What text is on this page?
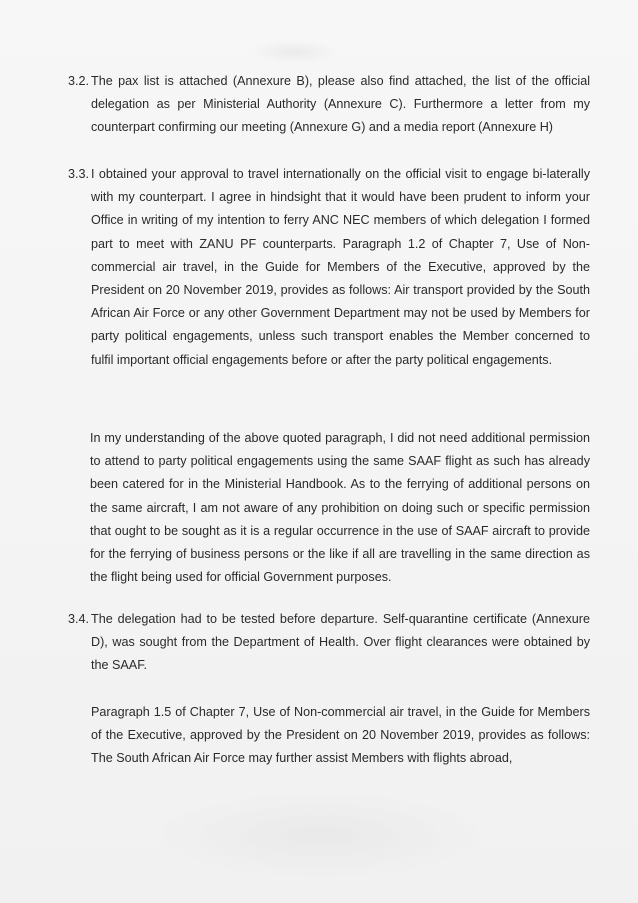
3.2. The pax list is attached (Annexure B), please also find attached, the list of the official delegation as per Ministerial Authority (Annexure C). Furthermore a letter from my counterpart confirming our meeting (Annexure G) and a media report (Annexure H)
3.3. I obtained your approval to travel internationally on the official visit to engage bi-laterally with my counterpart. I agree in hindsight that it would have been prudent to inform your Office in writing of my intention to ferry ANC NEC members of which delegation I formed part to meet with ZANU PF counterparts. Paragraph 1.2 of Chapter 7, Use of Non-commercial air travel, in the Guide for Members of the Executive, approved by the President on 20 November 2019, provides as follows: Air transport provided by the South African Air Force or any other Government Department may not be used by Members for party political engagements, unless such transport enables the Member concerned to fulfil important official engagements before or after the party political engagements.
In my understanding of the above quoted paragraph, I did not need additional permission to attend to party political engagements using the same SAAF flight as such has already been catered for in the Ministerial Handbook. As to the ferrying of additional persons on the same aircraft, I am not aware of any prohibition on doing such or specific permission that ought to be sought as it is a regular occurrence in the use of SAAF aircraft to provide for the ferrying of business persons or the like if all are travelling in the same direction as the flight being used for official Government purposes.
3.4. The delegation had to be tested before departure. Self-quarantine certificate (Annexure D), was sought from the Department of Health. Over flight clearances were obtained by the SAAF.
Paragraph 1.5 of Chapter 7, Use of Non-commercial air travel, in the Guide for Members of the Executive, approved by the President on 20 November 2019, provides as follows: The South African Air Force may further assist Members with flights abroad,
